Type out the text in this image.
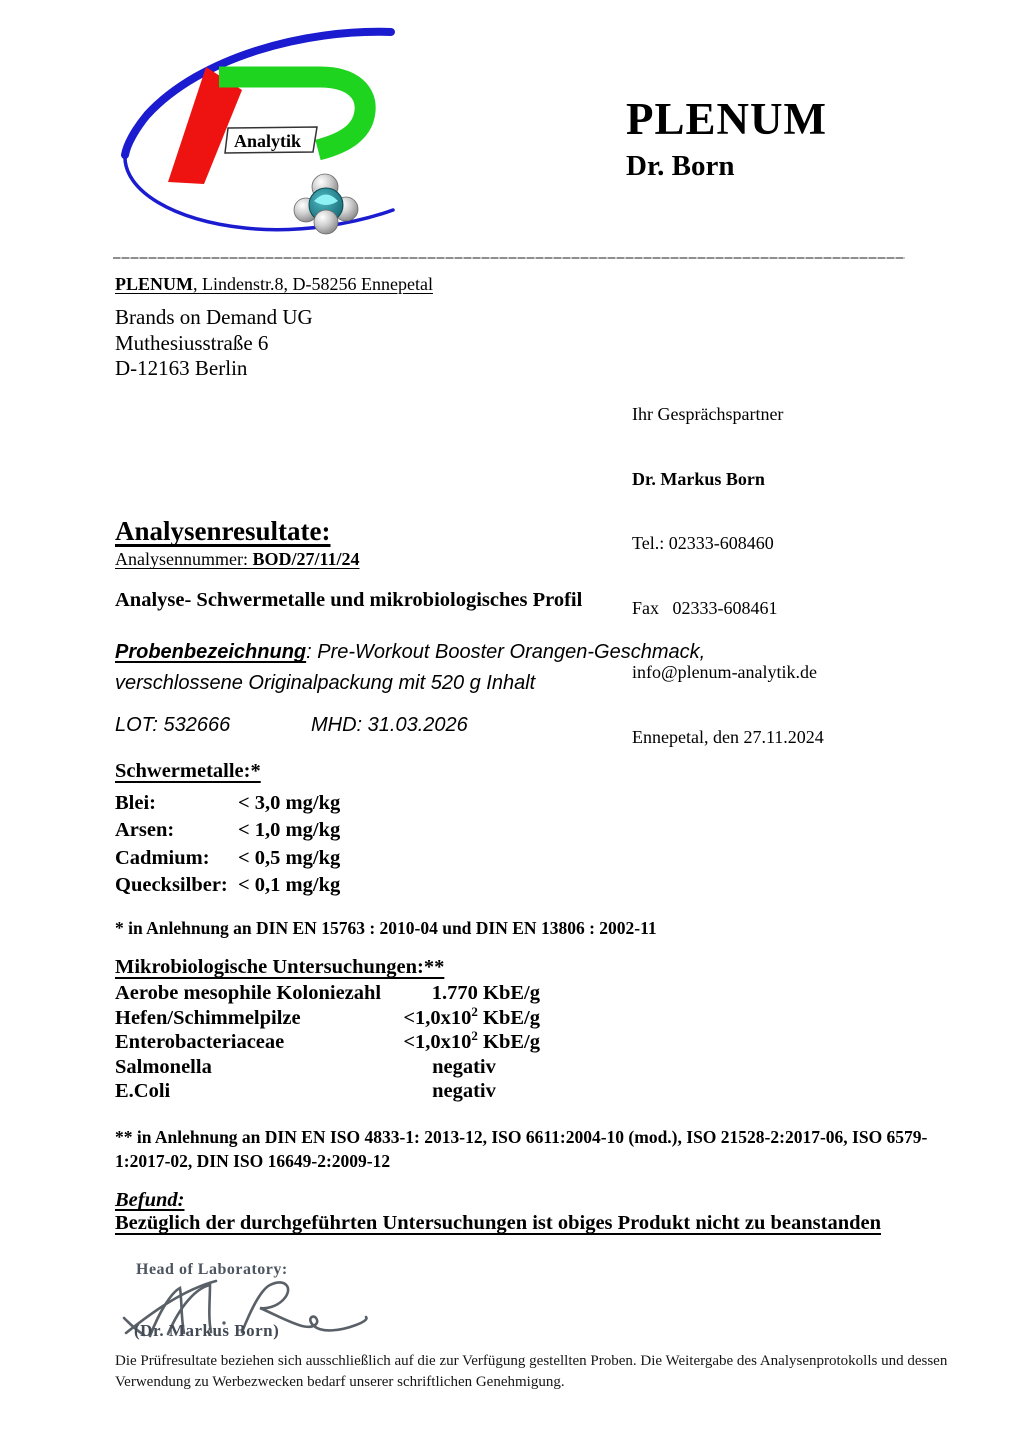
Analytik	PLENUM
Dr. Born
PLENUM, Lindenstr.8, D-58256 Ennepetal
Brands on Demand UG
Muthesiusstraße 6
D-12163 Berlin

Ihr Gesprächspartner

Dr. Markus Born

Tel.: 02333-608460

Fax   02333-608461

info@plenum-analytik.de

Ennepetal, den 27.11.2024

Analysenresultate:
Analysennummer: BOD/27/11/24
Analyse- Schwermetalle und mikrobiologisches Profil
Probenbezeichnung: Pre-Workout Booster Orangen-Geschmack, verschlossene Originalpackung mit 520 g Inhalt
LOT: 532666	MHD: 31.03.2026
Schwermetalle:*
Blei:	< 3,0 mg/kg
Arsen:	< 1,0 mg/kg
Cadmium:	< 0,5 mg/kg
Quecksilber: < 0,1 mg/kg
* in Anlehnung an DIN EN 15763 : 2010-04 und DIN EN 13806 : 2002-11
Mikrobiologische Untersuchungen:**
Aerobe mesophile Koloniezahl	1.770 KbE/g
Hefen/Schimmelpilze	$<1,0x10^2$ KbE/g
Enterobacteriaceae	$<1,0x10^2$ KbE/g
Salmonella	negativ
E.Coli	negativ
** in Anlehnung an DIN EN ISO 4833-1: 2013-12, ISO 6611:2004-10 (mod.), ISO 21528-2:2017-06, ISO 6579-1:2017-02, DIN ISO 16649-2:2009-12
Befund:
Bezüglich der durchgeführten Untersuchungen ist obiges Produkt nicht zu beanstanden
Head of Laboratory:
(Dr. Markus Born)
Die Prüfresultate beziehen sich ausschließlich auf die zur Verfügung gestellten Proben. Die Weitergabe des Analysenprotokolls und dessen Verwendung zu Werbezwecken bedarf unserer schriftlichen Genehmigung.
